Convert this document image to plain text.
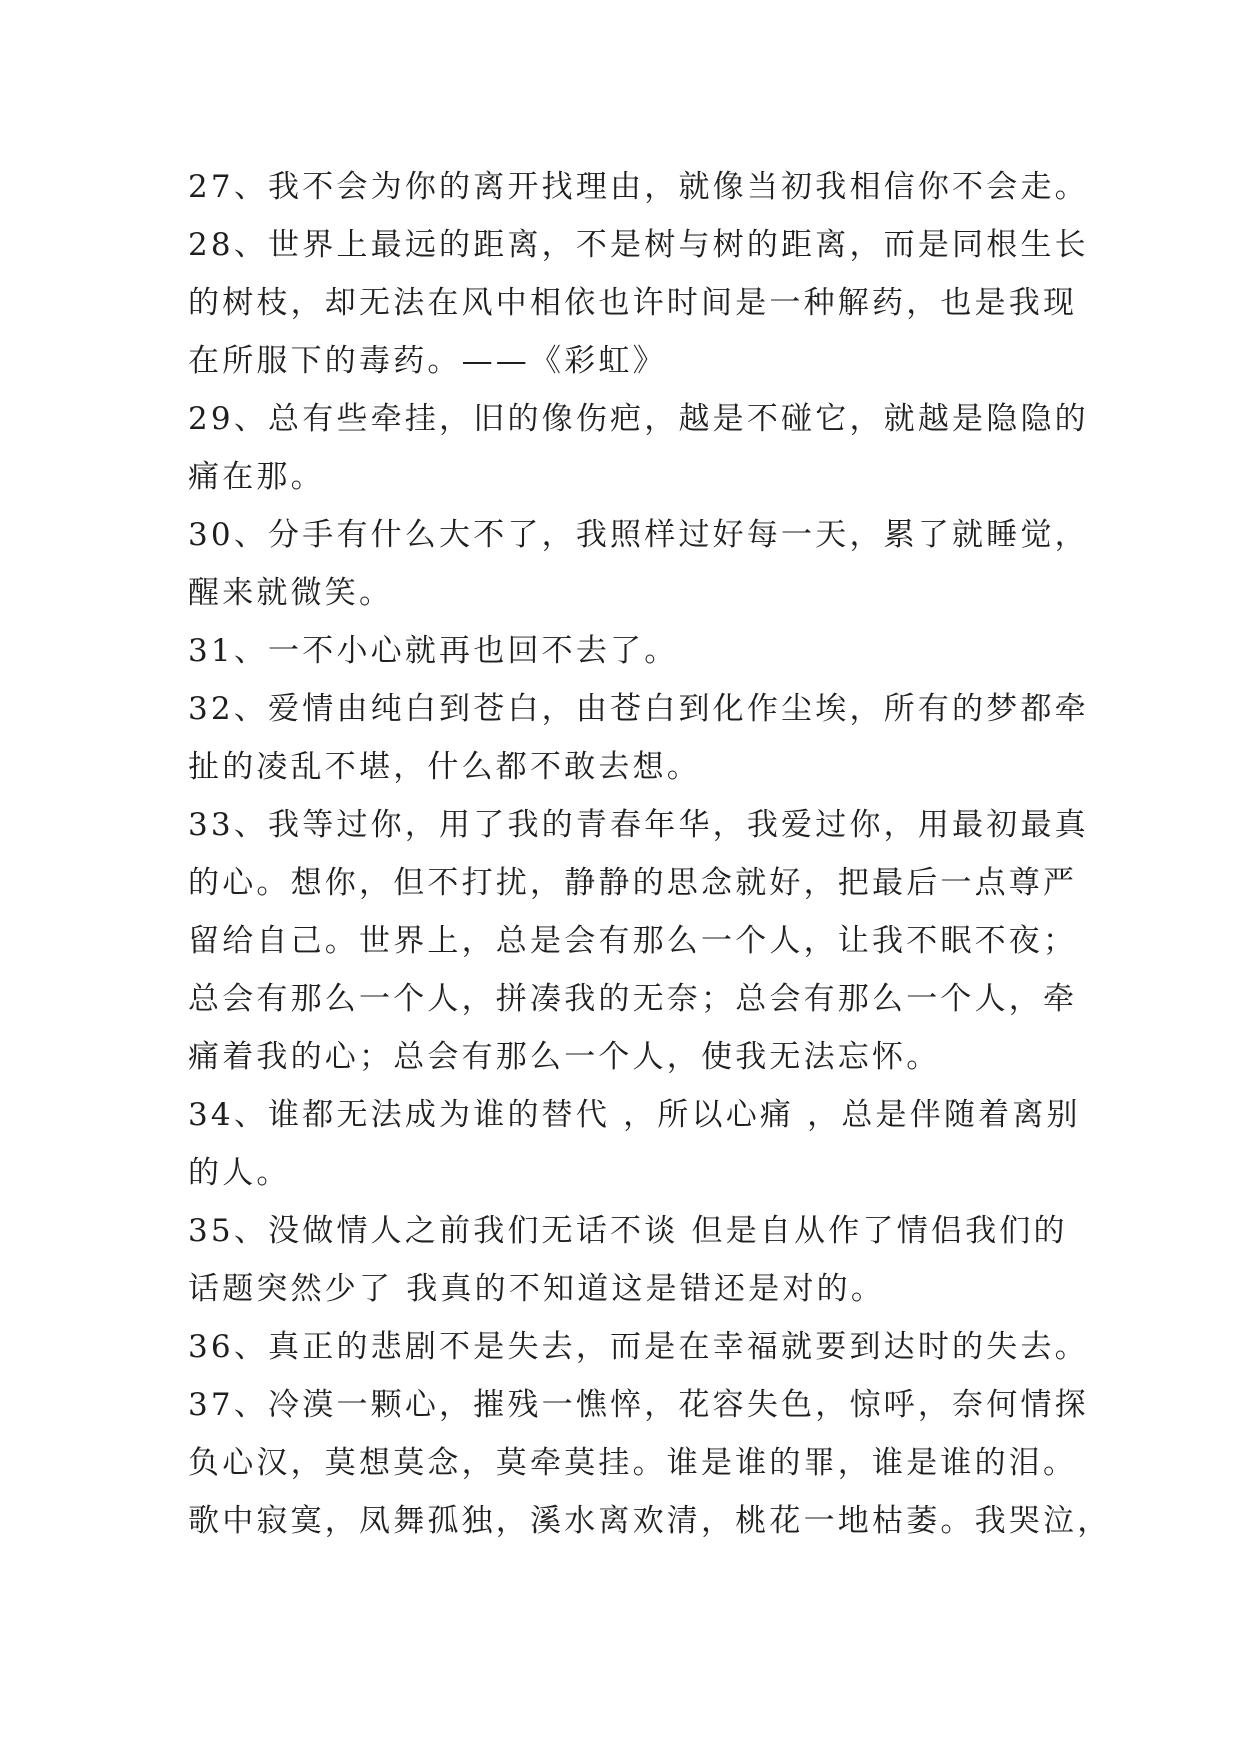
27、我不会为你的离开找理由，就像当初我相信你不会走。
28、世界上最远的距离，不是树与树的距离，而是同根生长
的树枝，却无法在风中相依也许时间是一种解药，也是我现
在所服下的毒药。——《彩虹》
29、总有些牵挂，旧的像伤疤，越是不碰它，就越是隐隐的
痛在那。
30、分手有什么大不了，我照样过好每一天，累了就睡觉，
醒来就微笑。
31、一不小心就再也回不去了。
32、爱情由纯白到苍白，由苍白到化作尘埃，所有的梦都牵
扯的凌乱不堪，什么都不敢去想。
33、我等过你，用了我的青春年华，我爱过你，用最初最真
的心。想你，但不打扰，静静的思念就好，把最后一点尊严
留给自己。世界上，总是会有那么一个人，让我不眠不夜；
总会有那么一个人，拼凑我的无奈；总会有那么一个人，牵
痛着我的心；总会有那么一个人，使我无法忘怀。
34、谁都无法成为谁的替代 ，所以心痛 ，总是伴随着离别
的人。
35、没做情人之前我们无话不谈 但是自从作了情侣我们的
话题突然少了 我真的不知道这是错还是对的。
36、真正的悲剧不是失去，而是在幸福就要到达时的失去。
37、冷漠一颗心，摧残一憔悴，花容失色，惊呼，奈何情探
负心汉，莫想莫念，莫牵莫挂。谁是谁的罪，谁是谁的泪。
歌中寂寞，凤舞孤独，溪水离欢清，桃花一地枯萎。我哭泣，
